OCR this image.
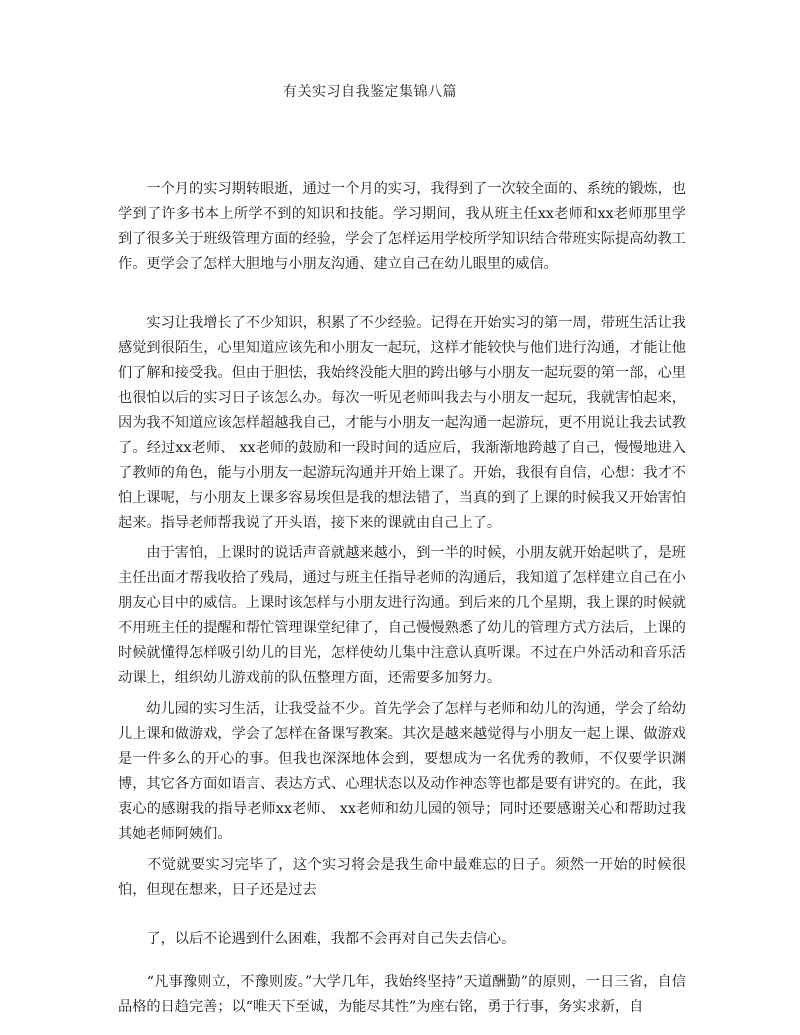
有关实习自我鉴定集锦八篇

　　一个月的实习期转眼逝，通过一个月的实习，我得到了一次较全面的、系统的锻炼，也学到了许多书本上所学不到的知识和技能。学习期间，我从班主任xx老师和xx老师那里学到了很多关于班级管理方面的经验，学会了怎样运用学校所学知识结合带班实际提高幼教工作。更学会了怎样大胆地与小朋友沟通、建立自己在幼儿眼里的威信。

　　实习让我增长了不少知识，积累了不少经验。记得在开始实习的第一周，带班生活让我感觉到很陌生，心里知道应该先和小朋友一起玩，这样才能较快与他们进行沟通，才能让他们了解和接受我。但由于胆怯，我始终没能大胆的跨出够与小朋友一起玩耍的第一部，心里也很怕以后的实习日子该怎么办。每次一听见老师叫我去与小朋友一起玩，我就害怕起来，因为我不知道应该怎样超越我自己，才能与小朋友一起沟通一起游玩，更不用说让我去试教了。经过xx老师、 xx老师的鼓励和一段时间的适应后，我渐渐地跨越了自己，慢慢地进入了教师的角色，能与小朋友一起游玩沟通并开始上课了。开始，我很有自信，心想：我才不怕上课呢，与小朋友上课多容易埃但是我的想法错了，当真的到了上课的时候我又开始害怕起来。指导老师帮我说了开头语，接下来的课就由自己上了。

　　由于害怕，上课时的说话声音就越来越小，到一半的时候，小朋友就开始起哄了，是班主任出面才帮我收拾了残局，通过与班主任指导老师的沟通后，我知道了怎样建立自己在小朋友心目中的威信。上课时该怎样与小朋友进行沟通。到后来的几个星期，我上课的时候就不用班主任的提醒和帮忙管理课堂纪律了，自己慢慢熟悉了幼儿的管理方式方法后，上课的时候就懂得怎样吸引幼儿的目光，怎样使幼儿集中注意认真听课。不过在户外活动和音乐活动课上，组织幼儿游戏前的队伍整理方面，还需要多加努力。

　　幼儿园的实习生活，让我受益不少。首先学会了怎样与老师和幼儿的沟通，学会了给幼儿上课和做游戏，学会了怎样在备课写教案。其次是越来越觉得与小朋友一起上课、做游戏是一件多么的开心的事。但我也深深地体会到，要想成为一名优秀的教师，不仅要学识渊博，其它各方面如语言、表达方式、心理状态以及动作神态等也都是要有讲究的。在此，我衷心的感谢我的指导老师xx老师、 xx老师和幼儿园的领导；同时还要感谢关心和帮助过我其她老师阿姨们。

　　不觉就要实习完毕了，这个实习将会是我生命中最难忘的日子。须然一开始的时候很怕，但现在想来，日子还是过去

　　了，以后不论遇到什么困难，我都不会再对自己失去信心。

　　“凡事豫则立，不豫则废。”大学几年，我始终坚持”天道酬勤”的原则，一日三省，自信品格的日趋完善；以“唯天下至诚，为能尽其性”为座右铭，勇于行事，务实求新，自
